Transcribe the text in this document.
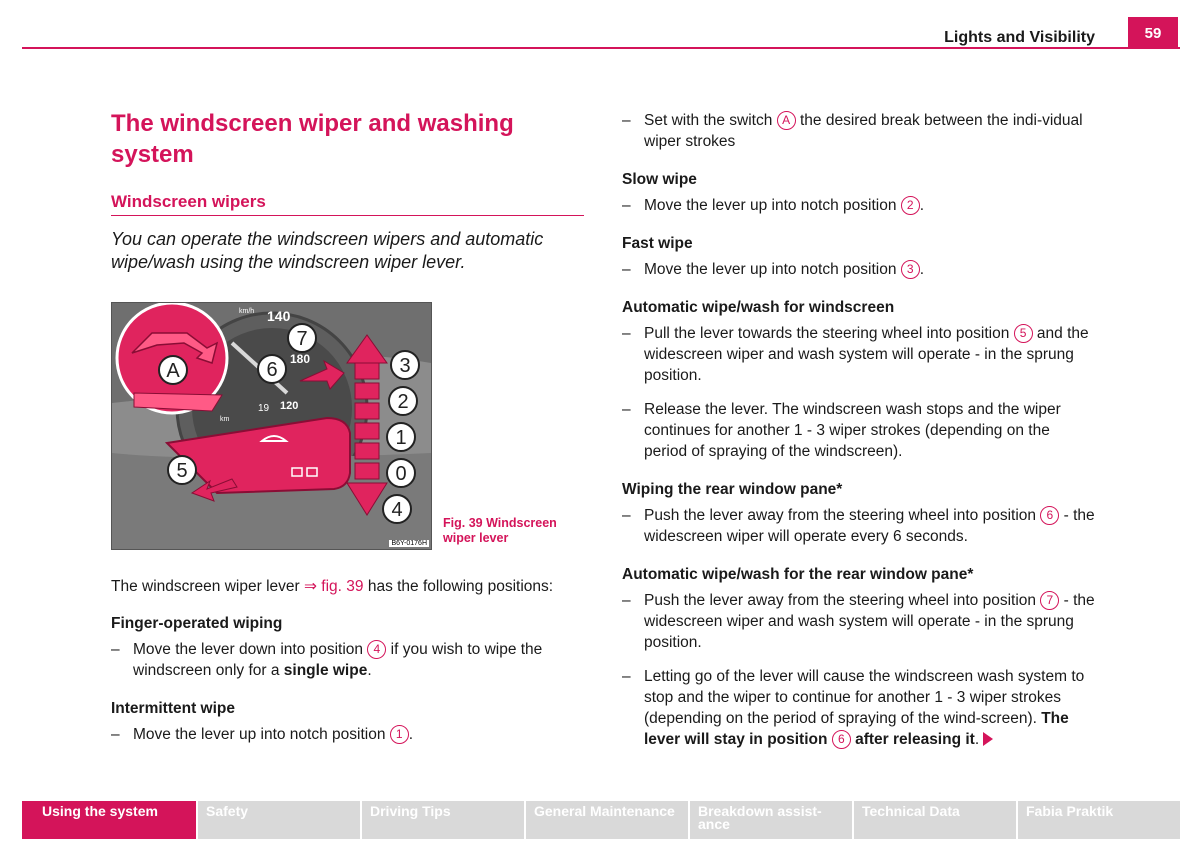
Lights and Visibility	59
The windscreen wiper and washing system
Windscreen wipers

You can operate the windscreen wipers and automatic wipe/wash using the windscreen wiper lever.

140
km/h
km
19
180
120
A
5
6
7
3
2
1
0
4
B6Y-0176H
Fig. 39 Windscreen wiper lever

The windscreen wiper lever ⇒ fig. 39 has the following positions:

Finger-operated wiping

– Move the lever down into position 4 if you wish to wipe the windscreen only for a single wipe.

Intermittent wipe

– Move the lever up into notch position 1 .
– Set with the switch A the desired break between the indi-vidual wiper strokes

Slow wipe

– Move the lever up into notch position 2 .

Fast wipe

– Move the lever up into notch position 3 .

Automatic wipe/wash for windscreen

– Pull the lever towards the steering wheel into position 5 and the widescreen wiper and wash system will operate - in the sprung position.
– Release the lever. The windscreen wash stops and the wiper continues for another 1 - 3 wiper strokes (depending on the period of spraying of the windscreen).

Wiping the rear window pane*

– Push the lever away from the steering wheel into position 6 - the widescreen wiper will operate every 6 seconds.

Automatic wipe/wash for the rear window pane*

– Push the lever away from the steering wheel into position 7 - the widescreen wiper and wash system will operate - in the sprung position.
– Letting go of the lever will cause the windscreen wash system to stop and the wiper to continue for another 1 - 3 wiper strokes (depending on the period of spraying of the wind-screen). The lever will stay in position 6 after releasing it.
Using the system	Safety	Driving Tips	General Maintenance	Breakdown assist-ance
Technical Data	Fabia Praktik
